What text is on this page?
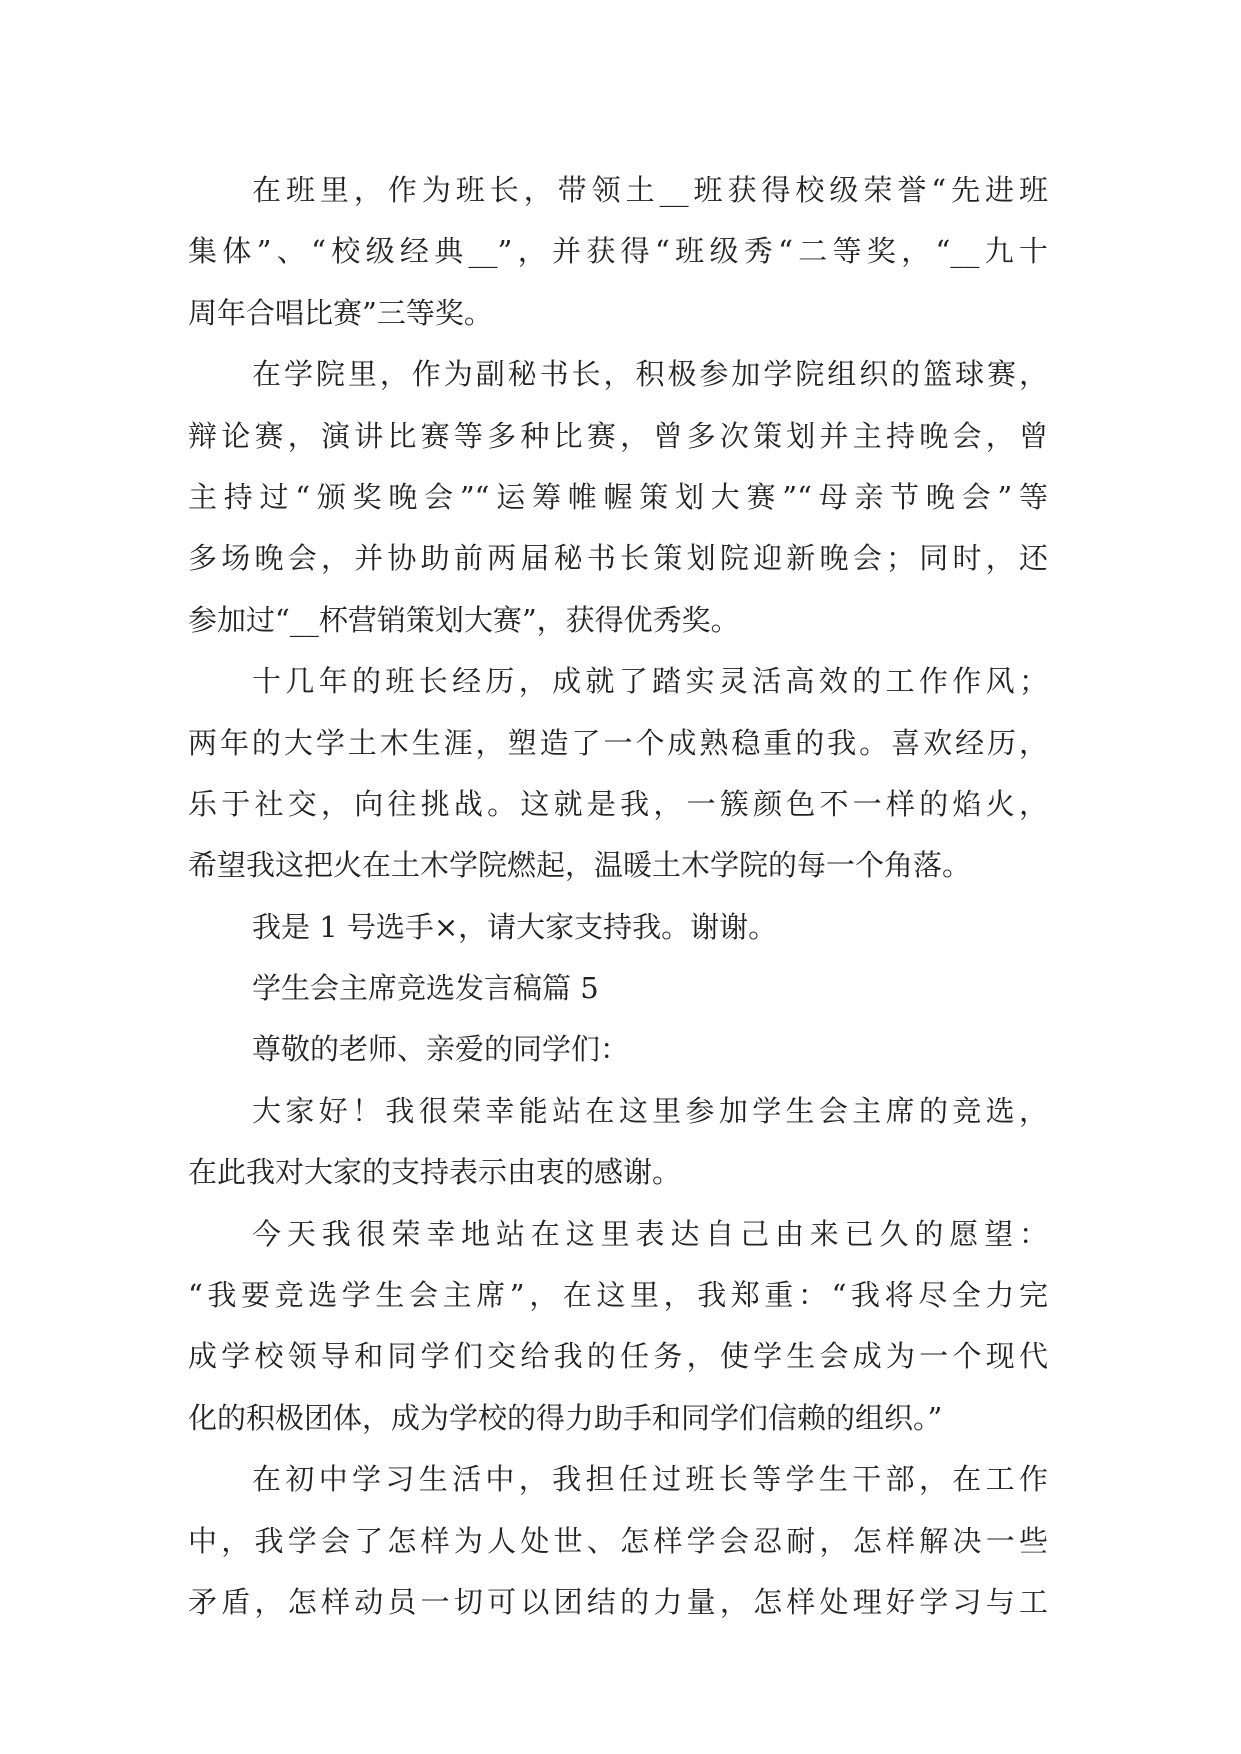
在班里，作为班长，带领土__班获得校级荣誉“先进班
集体”、“校级经典__”，并获得“班级秀“二等奖，“__九十
周年合唱比赛”三等奖。
在学院里，作为副秘书长，积极参加学院组织的篮球赛，
辩论赛，演讲比赛等多种比赛，曾多次策划并主持晚会，曾
主持过“颁奖晚会”“运筹帷幄策划大赛”“母亲节晚会”等
多场晚会，并协助前两届秘书长策划院迎新晚会；同时，还
参加过“__杯营销策划大赛”，获得优秀奖。
十几年的班长经历，成就了踏实灵活高效的工作作风；
两年的大学土木生涯，塑造了一个成熟稳重的我。喜欢经历，
乐于社交，向往挑战。这就是我，一簇颜色不一样的焰火，
希望我这把火在土木学院燃起，温暖土木学院的每一个角落。
我是 1 号选手×，请大家支持我。谢谢。
学生会主席竞选发言稿篇 5
尊敬的老师、亲爱的同学们：
大家好！我很荣幸能站在这里参加学生会主席的竞选，
在此我对大家的支持表示由衷的感谢。
今天我很荣幸地站在这里表达自己由来已久的愿望：
“我要竞选学生会主席”，在这里，我郑重：“我将尽全力完
成学校领导和同学们交给我的任务，使学生会成为一个现代
化的积极团体，成为学校的得力助手和同学们信赖的组织。”
在初中学习生活中，我担任过班长等学生干部，在工作
中，我学会了怎样为人处世、怎样学会忍耐，怎样解决一些
矛盾，怎样动员一切可以团结的力量，怎样处理好学习与工
